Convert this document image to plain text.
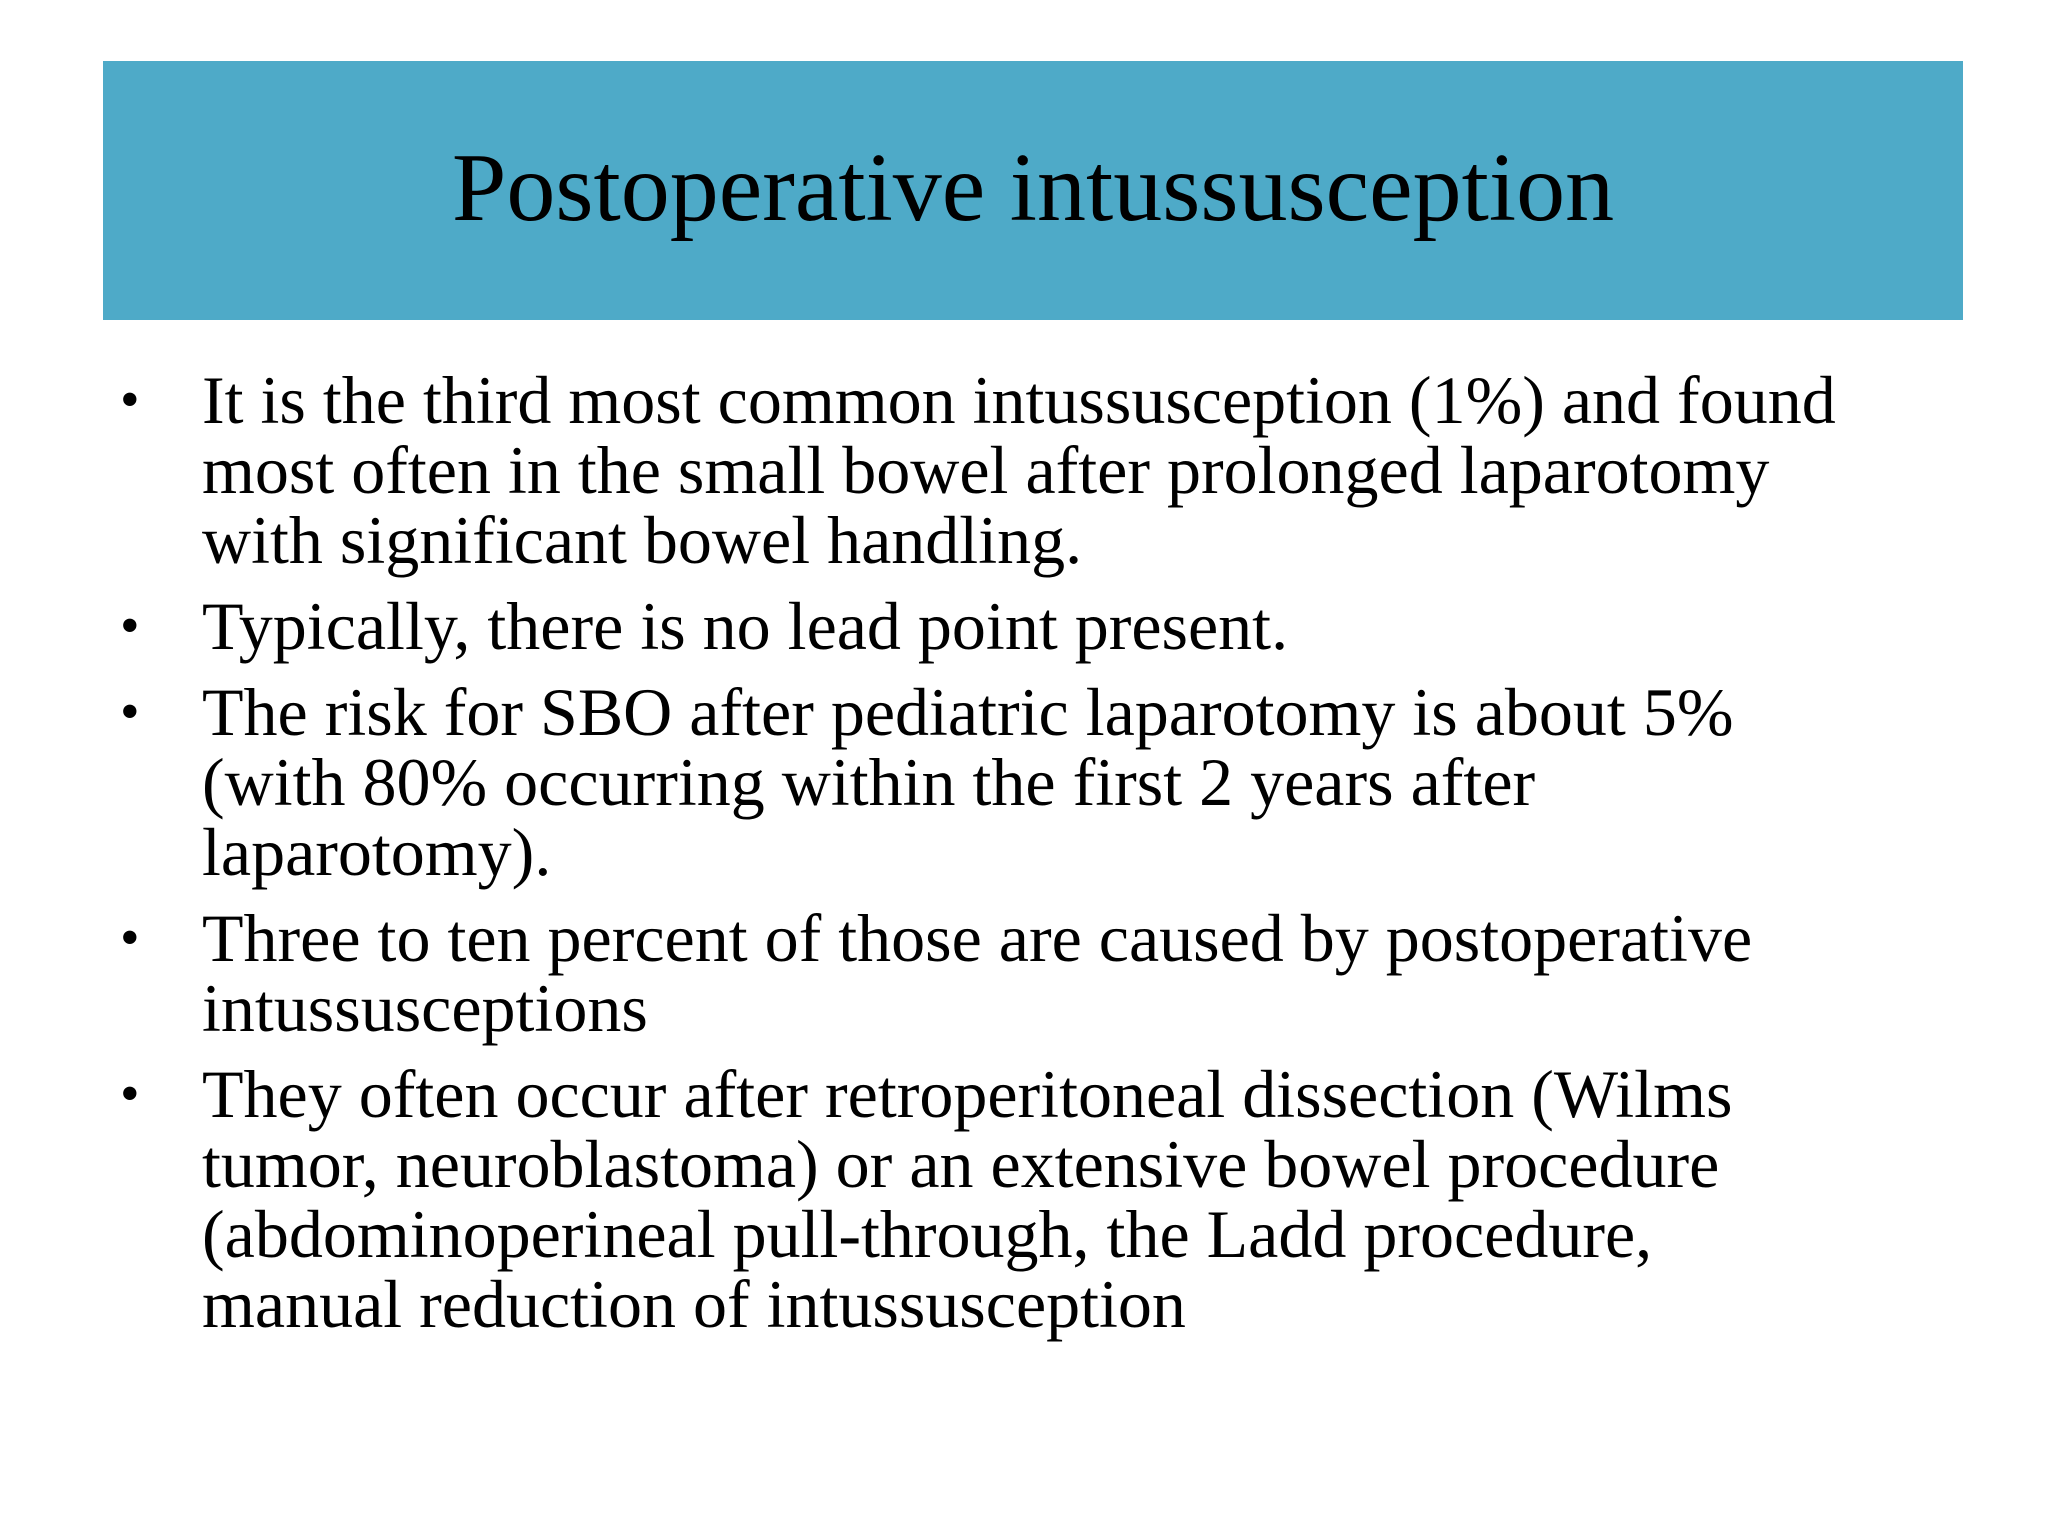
Postoperative intussusception
• It is the third most common intussusception (1%) and found
most often in the small bowel after prolonged laparotomy
with significant bowel handling.
• Typically, there is no lead point present.
• The risk for SBO after pediatric laparotomy is about 5%
(with 80% occurring within the first 2 years after
laparotomy).
• Three to ten percent of those are caused by postoperative
intussusceptions
• They often occur after retroperitoneal dissection (Wilms
tumor, neuroblastoma) or an extensive bowel procedure
(abdominoperineal pull-through, the Ladd procedure,
manual reduction of intussusception
